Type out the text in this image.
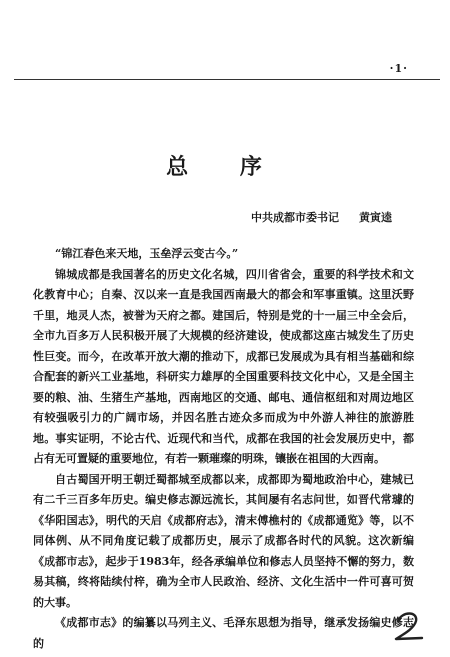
·1·
总 序
中共成都市委书记 黄寅逵

“锦江春色来天地，玉垒浮云变古今。”

锦城成都是我国著名的历史文化名城，四川省省会，重要的科学技术和文化教育中心；自秦、汉以来一直是我国西南最大的都会和军事重镇。这里沃野千里，地灵人杰，被誉为天府之都。建国后，特别是党的十一届三中全会后，全市九百多万人民积极开展了大规模的经济建设，使成都这座古城发生了历史性巨变。而今，在改革开放大潮的推动下，成都已发展成为具有相当基础和综合配套的新兴工业基地，科研实力雄厚的全国重要科技文化中心，又是全国主要的粮、油、生猪生产基地，西南地区的交通、邮电、通信枢纽和对周边地区有较强吸引力的广阔市场，并因名胜古迹众多而成为中外游人神往的旅游胜地。事实证明，不论古代、近现代和当代，成都在我国的社会发展历史中，都占有无可置疑的重要地位，有若一颗璀璨的明珠，镶嵌在祖国的大西南。

自古蜀国开明王朝迁蜀都城至成都以来，成都即为蜀地政治中心，建城已有二千三百多年历史。编史修志源远流长，其间屡有名志问世，如晋代常璩的《华阳国志》，明代的天启《成都府志》，清末傅樵村的《成都通览》等，以不同体例、从不同角度记载了成都历史，展示了成都各时代的风貌。这次新编《成都市志》，起步于1983年，经各承编单位和修志人员坚持不懈的努力，数易其稿，终将陆续付梓，确为全市人民政治、经济、文化生活中一件可喜可贺的大事。

《成都市志》的编纂以马列主义、毛泽东思想为指导，继承发扬编史修志的
